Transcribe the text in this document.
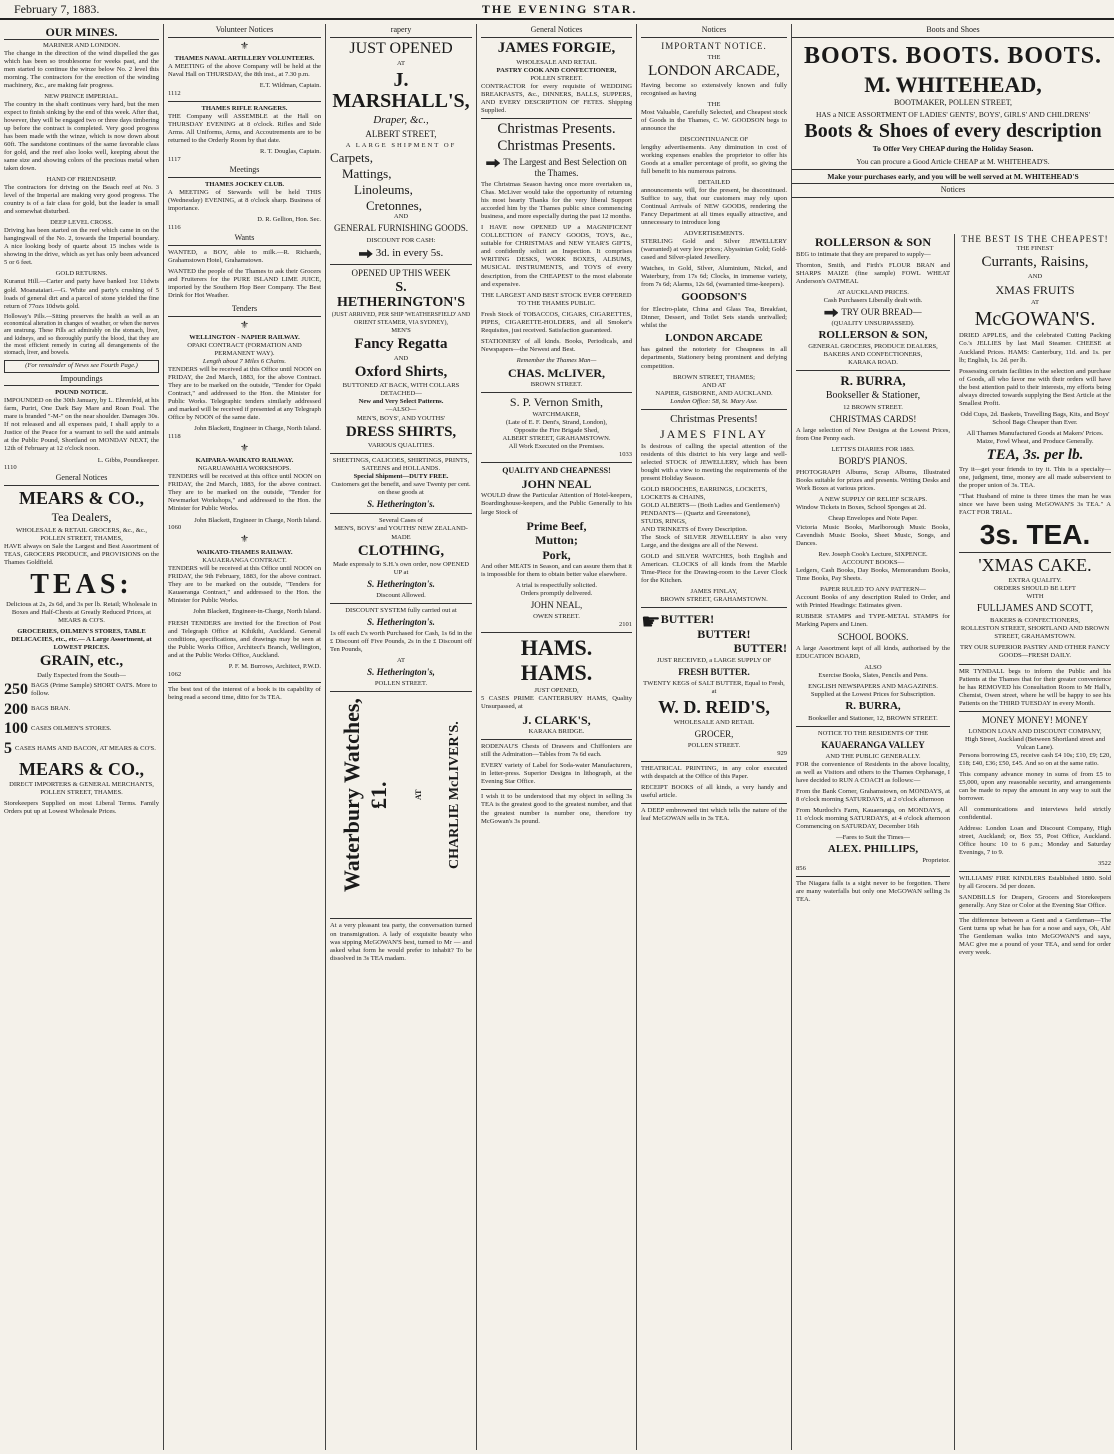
February 7, 1883.	THE EVENING STAR.
OUR MINES.
MARINER AND LONDON.

The change in the direction of the wind dispelled the gas which has been so troublesome for weeks past, and the men started to continue the winze below No. 2 level this morning. The contractors for the erection of the winding machinery, &c., are making fair progress.

NEW PRINCE IMPERIAL.

The country in the shaft continues very hard, but the men expect to finish sinking by the end of this week. After that, however, they will be engaged two or three days timbering up before the contract is completed. Very good progress has been made with the winze, which is now down about 60ft. The sandstone continues of the same favorable class for gold, and the reef also looks well, keeping about the same size and showing colors of the precious metal when taken down.

HAND OF FRIENDSHIP.

The contractors for driving on the Beach reef at No. 3 level of the Imperial are making very good progress. The country is of a fair class for gold, but the leader is small and somewhat disturbed.

DEEP LEVEL CROSS.

Driving has been started on the reef which came in on the hangingwall of the No. 2, towards the Imperial boundary. A nice looking body of quartz about 15 inches wide is showing in the drive, which as yet has only been advanced 5 or 6 feet.

GOLD RETURNS.

Kuranui Hill.—Carter and party have banked 1oz 11dwts gold. Moanataiari.—G. White and party's crushing of 5 loads of general dirt and a parcel of stone yielded the fine return of 77ozs 10dwts gold.

Holloway's Pills.—Sitting preserves the health as well as an economical alteration in changes of weather, or when the nerves are unstrung. These Pills act admirably on the stomach, liver, and kidneys, and so thoroughly purify the blood, that they are the most efficient remedy in curing all derangements of the stomach, liver, and bowels.

(For remainder of News see Fourth Page.)
Impoundings
POUND NOTICE.

IMPOUNDED on the 30th January, by L. Ehrenfeld, at his farm, Puriri, One Dark Bay Mare and Roan Foal. The mare is branded "-M-" on the near shoulder. Damages 30s. If not released and all expenses paid, I shall apply to a Justice of the Peace for a warrant to sell the said animals at the Public Pound, Shortland on MONDAY NEXT, the 12th of February at 12 o'clock noon.

L. Gibbs, Poundkeeper.
1110
General Notices
MEARS & CO.,
Tea Dealers,
WHOLESALE & RETAIL GROCERS, &c., &c., POLLEN STREET, THAMES,

HAVE always on Sale the Largest and Best Assortment of TEAS, GROCERS PRODUCE, and PROVISIONS on the Thames Goldfield.

TEAS:
Delicious at 2s, 2s 6d, and 3s per lb. Retail; Wholesale in Boxes and Half-Chests at Greatly Reduced Prices, at MEARS & CO'S.
GROCERIES, OILMEN'S STORES, TABLE DELICACIES, etc., etc.— A Large Assortment, at LOWEST PRICES.
GRAIN, etc.,
Daily Expected from the South—
250 BAGS (Prime Sample) SHORT OATS. More to follow.
200 BAGS BRAN.
100 CASES OILMEN'S STORES.
5 CASES HAMS AND BACON, AT MEARS & CO'S.
MEARS & CO.,
DIRECT IMPORTERS & GENERAL MERCHANTS, POLLEN STREET, THAMES.

Storekeepers Supplied on most Liberal Terms. Family Orders put up at Lowest Wholesale Prices.

Volunteer Notices
⚜
THAMES NAVAL ARTILLERY VOLUNTEERS.

A MEETING of the above Company will be held at the Naval Hall on THURSDAY, the 8th inst., at 7.30 p.m.

E.T. Wildman, Captain.
1112
THAMES RIFLE RANGERS.

THE Company will ASSEMBLE at the Hall on THURSDAY EVENING at 8 o'clock. Rifles and Side Arms. All Uniforms, Arms, and Accoutrements are to be returned to the Orderly Room by that date.

R. T. Douglas, Captain.
1117
Meetings
THAMES JOCKEY CLUB.

A MEETING of Stewards will be held THIS (Wednesday) EVENING, at 8 o'clock sharp. Business of importance.

D. R. Gellion, Hon. Sec.
1116
Wants

WANTED, a BOY, able to milk.—R. Richards, Grahamstown Hotel, Grahamstown.

WANTED the people of the Thames to ask their Grocers and Fruiterers for the PURE ISLAND LIME JUICE, imported by the Southern Hop Beer Company. The Best Drink for Hot Weather.

Tenders
⚜
WELLINGTON - NAPIER RAILWAY.
OPAKI CONTRACT (FORMATION AND PERMANENT WAY).
Length about 7 Miles 6 Chains.

TENDERS will be received at this Office until NOON on FRIDAY, the 2nd March, 1883, for the above Contract. They are to be marked on the outside, "Tender for Opaki Contract," and addressed to the Hon. the Minister for Public Works. Telegraphic tenders similarly addressed and marked will be received if presented at any Telegraph Office by NOON of the same date.

John Blackett, Engineer in Charge, North Island.
1118
⚜
KAIPARA-WAIKATO RAILWAY.
NGARUAWAHIA WORKSHOPS.

TENDERS will be received at this office until NOON on FRIDAY, the 2nd March, 1883, for the above contract. They are to be marked on the outside, "Tender for Newmarket Workshops," and addressed to the Hon. the Minister for Public Works.

John Blackett, Engineer in Charge, North Island.
1060
⚜
WAIKATO-THAMES RAILWAY.
KAUAERANGA CONTRACT.

TENDERS will be received at this Office until NOON on FRIDAY, the 9th February, 1883, for the above contract. They are to be marked on the outside, "Tenders for Kauaeranga Contract," and addressed to the Hon. the Minister for Public Works.

John Blackett, Engineer-in-Charge, North Island.

FRESH TENDERS are invited for the Erection of Post and Telegraph Office at Kihikihi, Auckland. General conditions, specifications, and drawings may be seen at the Public Works Office, Architect's Branch, Wellington, and at the Public Works Office, Auckland.

P. F. M. Burrows, Architect, P.W.D.
1062

The best test of the interest of a book is its capability of being read a second time, ditto for 3s TEA.

rapery
JUST OPENED
AT
J. MARSHALL'S,
Draper, &c.,
ALBERT STREET,
A LARGE SHIPMENT OF
Carpets,
Mattings,
Linoleums,
Cretonnes,
AND
GENERAL FURNISHING GOODS.
DISCOUNT FOR CASH:
3d. in every 5s.
OPENED UP THIS WEEK
S. HETHERINGTON'S
(JUST ARRIVED, PER SHIP 'WEATHERSFIELD' AND ORIENT STEAMER, VIA SYDNEY),
MEN'S
Fancy Regatta
AND
Oxford Shirts,
BUTTONED AT BACK, WITH COLLARS DETACHED—
New and Very Select Patterns.
—ALSO—
MEN'S, BOYS', AND YOUTHS'
DRESS SHIRTS,
VARIOUS QUALITIES.
SHEETINGS, CALICOES, SHIRTINGS, PRINTS, SATEENS and HOLLANDS.
Special Shipment—DUTY FREE.
Customers get the benefit, and save Twenty per cent. on these goods at
S. Hetherington's.
Several Cases of
MEN'S, BOYS' and YOUTHS' NEW ZEALAND-MADE
CLOTHING,
Made expressly to S.H.'s own order, now OPENED UP at
S. Hetherington's.
Discount Allowed.
DISCOUNT SYSTEM fully carried out at
S. Hetherington's.

1s off each £'s worth Purchased for Cash, 1s 6d in the £ Discount off Five Pounds, 2s in the £ Discount off Ten Pounds,

AT
S. Hetherington's,
POLLEN STREET.
Waterbury Watches, £1.	AT CHARLIE McLIVER'S.

At a very pleasant tea party, the conversation turned on transmigration. A lady of exquisite beauty who was sipping McGOWAN'S best, turned to Mr — and asked what form he would prefer to inhabit? To be dissolved in 3s TEA madam.

General Notices
JAMES FORGIE,
WHOLESALE AND RETAIL
PASTRY COOK AND CONFECTIONER,
POLLEN STREET.

CONTRACTOR for every requisite of WEDDING BREAKFASTS, &c., DINNERS, BALLS, SUPPERS, AND EVERY DESCRIPTION OF FETES. Shipping Supplied.

Christmas Presents.
Christmas Presents.
The Largest and Best Selection on the Thames.

The Christmas Season having once more overtaken us, Chas. McLiver would take the opportunity of returning his most hearty Thanks for the very liberal Support accorded him by the Thames public since commencing business, and more especially during the past 12 months.

I HAVE now OPENED UP a MAGNIFICENT COLLECTION of FANCY GOODS, TOYS, &c., suitable for CHRISTMAS and NEW YEAR'S GIFTS, and confidently solicit an Inspection. It comprises WRITING DESKS, WORK BOXES, ALBUMS, MUSICAL INSTRUMENTS, and TOYS of every description, from the CHEAPEST to the most elaborate and expensive.

THE LARGEST AND BEST STOCK EVER OFFERED TO THE THAMES PUBLIC.

Fresh Stock of TOBACCOS, CIGARS, CIGARETTES, PIPES, CIGARETTE-HOLDERS, and all Smoker's Requisites, just received. Satisfaction guaranteed.

STATIONERY of all kinds. Books, Periodicals, and Newspapers—the Newest and Best.

Remember the Thames Man—
CHAS. McLIVER,
BROWN STREET.
S. P. Vernon Smith,
WATCHMAKER,
(Late of E. F. Dent's, Strand, London),
Opposite the Fire Brigade Shed,
ALBERT STREET, GRAHAMSTOWN.
All Work Executed on the Premises.
1033
QUALITY AND CHEAPNESS!
JOHN NEAL

WOULD draw the Particular Attention of Hotel-keepers, Boardinghouse-keepers, and the Public Generally to his large Stock of

Prime Beef,
Mutton;
Pork,

And other MEATS in Season, and can assure them that it is impossible for them to obtain better value elsewhere.

A trial is respectfully solicited.
Orders promptly delivered.
JOHN NEAL,
OWEN STREET.
2101
HAMS.
HAMS.
JUST OPENED,

5 CASES PRIME CANTERBURY HAMS, Quality Unsurpassed, at

J. CLARK'S,
KARAKA BRIDGE.

RODENAU'S Chests of Drawers and Chiffoniers are still the Admiration—Tables from 7s 6d each.

EVERY variety of Label for Soda-water Manufacturers, in letter-press. Superior Designs in lithograph, at the Evening Star Office.

I wish it to be understood that my object in selling 3s TEA is the greatest good to the greatest number, and that the greatest number is number one, therefore try McGowan's 3s pound.

Notices
IMPORTANT NOTICE.
THE
LONDON ARCADE,

Having become so extensively known and fully recognised as having

THE

Most Valuable, Carefully Selected, and Cheapest stock of Goods in the Thames, C. W. GOODSON begs to announce the

DISCONTINUANCE OF

lengthy advertisements. Any diminution in cost of working expenses enables the proprietor to offer his Goods at a smaller percentage of profit, so giving the full benefit to his numerous patrons.

DETAILED

announcements will, for the present, be discontinued. Suffice to say, that our customers may rely upon Continual Arrivals of NEW GOODS, rendering the Fancy Department at all times equally attractive, and unnecessary to introduce long

ADVERTISEMENTS.

STERLING Gold and Silver JEWELLERY (warranted) at very low prices; Abyssinian Gold; Gold-cased and Silver-plated Jewellery.

Watches, in Gold, Silver, Aluminium, Nickel, and Waterbury, from 17s 6d; Clocks, in immense variety, from 7s 6d; Alarms, 12s 6d, (warranted time-keepers).

GOODSON'S

for Electro-plate, China and Glass Tea, Breakfast, Dinner, Dessert, and Toilet Sets stands unrivalled; whilst the

LONDON ARCADE

has gained the notoriety for Cheapness in all departments, Stationery being prominent and defying competition.

BROWN STREET, THAMES;
AND AT
NAPIER, GISBORNE, AND AUCKLAND.
London Office: 58, St. Mary Axe.
Christmas Presents!
JAMES FINLAY

Is desirous of calling the special attention of the residents of this district to his very large and well-selected STOCK of JEWELLERY, which has been bought with a view to meeting the requirements of the present Holiday Season.

GOLD BROOCHES, EARRINGS, LOCKETS, LOCKETS & CHAINS,
GOLD ALBERTS— (Both Ladies and Gentlemen's)
PENDANTS— (Quartz and Greenstone),
STUDS, RINGS,
AND TRINKETS of Every Description.

The Stock of SILVER JEWELLERY is also very Large, and the designs are all of the Newest.

GOLD and SILVER WATCHES, both English and American. CLOCKS of all kinds from the Marble Time-Piece for the Drawing-room to the Lever Clock for the Kitchen.

JAMES FINLAY,
BROWN STREET, GRAHAMSTOWN.
☛ BUTTER!
BUTTER!
BUTTER!
JUST RECEIVED, a LARGE SUPPLY OF
FRESH BUTTER.
TWENTY KEGS of SALT BUTTER, Equal to Fresh, at
W. D. REID'S,
WHOLESALE AND RETAIL
GROCER,
POLLEN STREET.
929

THEATRICAL PRINTING, in any color executed with despatch at the Office of this Paper.

RECEIPT BOOKS of all kinds, a very handy and useful article.

A DEEP embrowned tint which tells the nature of the leaf McGOWAN sells in 3s TEA.

Boots and Shoes
BOOTS. BOOTS. BOOTS.
M. WHITEHEAD,
BOOTMAKER, POLLEN STREET,
HAS a NICE ASSORTMENT OF LADIES' GENTS', BOYS', GIRLS' AND CHILDRENS'
Boots & Shoes of every description
To Offer Very CHEAP during the Holiday Season.
You can procure a Good Article CHEAP at M. WHITEHEAD'S.
Make your purchases early, and you will be well served at M. WHITEHEAD'S
Notices
ROLLERSON & SON

BEG to intimate that they are prepared to supply—

Thornton, Smith, and Firth's FLOUR BRAN and SHARPS MAIZE (fine sample) FOWL WHEAT Anderson's OATMEAL

AT AUCKLAND PRICES.
Cash Purchasers Liberally dealt with.
TRY OUR BREAD—
(QUALITY UNSURPASSED).
ROLLERSON & SON,
GENERAL GROCERS, PRODUCE DEALERS, BAKERS AND CONFECTIONERS,
KARAKA ROAD.
R. BURRA,
Bookseller & Stationer,
12 BROWN STREET.
CHRISTMAS CARDS!

A large selection of New Designs at the Lowest Prices, from One Penny each.

LETTS'S DIARIES FOR 1883.
BORD'S PIANOS.

PHOTOGRAPH Albums, Scrap Albums, Illustrated Books suitable for prizes and presents. Writing Desks and Work Boxes at various prices.

A NEW SUPPLY OF RELIEF SCRAPS.

Window Tickets in Boxes, School Sponges at 2d.

Cheap Envelopes and Note Paper.

Victoria Music Books, Marlborough Music Books, Cavendish Music Books, Sheet Music, Songs, and Dances.

Rev. Joseph Cook's Lecture, SIXPENCE.
ACCOUNT BOOKS—

Ledgers, Cash Books, Day Books, Memorandum Books, Time Books, Pay Sheets.

PAPER RULED TO ANY PATTERN—

Account Books of any description Ruled to Order, and with Printed Headings: Estimates given.

RUBBER STAMPS and TYPE-METAL STAMPS for Marking Papers and Linen.

SCHOOL BOOKS.

A large Assortment kept of all kinds, authorised by the EDUCATION BOARD,

ALSO
Exercise Books, Slates, Pencils and Pens.
ENGLISH NEWSPAPERS AND MAGAZINES.
Supplied at the Lowest Prices for Subscription.
R. BURRA,
Bookseller and Stationer, 12, BROWN STREET.
NOTICE TO THE RESIDENTS OF THE
KAUAERANGA VALLEY
AND THE PUBLIC GENERALLY.

FOR the convenience of Residents in the above locality, as well as Visitors and others to the Thames Orphanage, I have decided to RUN A COACH as follows:—

From the Bank Corner, Grahamstown, on MONDAYS, at 8 o'clock morning SATURDAYS, at 2 o'clock afternoon

From Murdoch's Farm, Kauaeranga, on MONDAYS, at 11 o'clock morning SATURDAYS, at 4 o'clock afternoon Commencing on SATURDAY, December 16th

—Fares to Suit the Times—
ALEX. PHILLIPS,
Proprietor.
856

The Niagara falls is a sight never to be forgotten. There are many waterfalls but only one McGOWAN selling 3s TEA.

THE BEST IS THE CHEAPEST!
THE FINEST
Currants, Raisins,
AND
XMAS FRUITS
AT
McGOWAN'S.

DRIED APPLES, and the celebrated Cutting Packing Co.'s JELLIES by last Mail Steamer. CHEESE at Auckland Prices. HAMS: Canterbury, 11d. and 1s. per lb; English, 1s. 2d. per lb.

Possessing certain facilities in the selection and purchase of Goods, all who favor me with their orders will have the best attention paid to their interests, my efforts being always directed towards supplying the Best Article at the Smallest Profit.

Odd Cups, 2d. Baskets, Travelling Bags, Kits, and Boys' School Bags Cheaper than Ever.
All Thames Manufactured Goods at Makers' Prices.
Maize, Fowl Wheat, and Produce Generally.
TEA, 3s. per lb.

Try it—get your friends to try it. This is a specialty—one, judgment, time, money are all made subservient to the proper union of 3s. TEA.

"That Husband of mine is three times the man he was since we have been using McGOWAN'S 3s TEA." A FACT FOR TRIAL.

3s. TEA.
'XMAS CAKE.
EXTRA QUALITY.
ORDERS SHOULD BE LEFT
WITH
FULLJAMES AND SCOTT,
BAKERS & CONFECTIONERS,
ROLLESTON STREET, SHORTLAND AND BROWN STREET, GRAHAMSTOWN.
TRY OUR SUPERIOR PASTRY AND OTHER FANCY GOODS—FRESH DAILY.

MR TYNDALL begs to inform the Public and his Patients at the Thames that for their greater convenience he has REMOVED his Consultation Room to Mr Hall's, Chemist, Owen street, where he will be happy to see his Patients on the THIRD TUESDAY in every Month.

MONEY MONEY! MONEY
LONDON LOAN AND DISCOUNT COMPANY,
High Street, Auckland (Between Shortland street and Vulcan Lane).

Persons borrowing £5, receive cash £4 10s; £10, £9; £20, £18; £40, £36; £50, £45. And so on at the same ratio.

This company advance money in sums of from £5 to £5,000, upon any reasonable security, and arrangements can be made to repay the amount in any way to suit the borrower.

All communications and interviews held strictly confidential.

Address: London Loan and Discount Company, High street, Auckland; or, Box 55, Post Office, Auckland. Office hours: 10 to 6 p.m.; Monday and Saturday Evenings, 7 to 9.

3522

WILLIAMS' FIRE KINDLERS Established 1880. Sold by all Grocers. 3d per dozen.

SANDBILLS for Drapers, Grocers and Storekeepers generally. Any Size or Color at the Evening Star Office.

The difference between a Gent and a Gentleman—The Gent turns up what he has for a nose and says, Oh, Ah! The Gentleman walks into McGOWAN'S and says, MAC give me a pound of your TEA, and send for order every week.
